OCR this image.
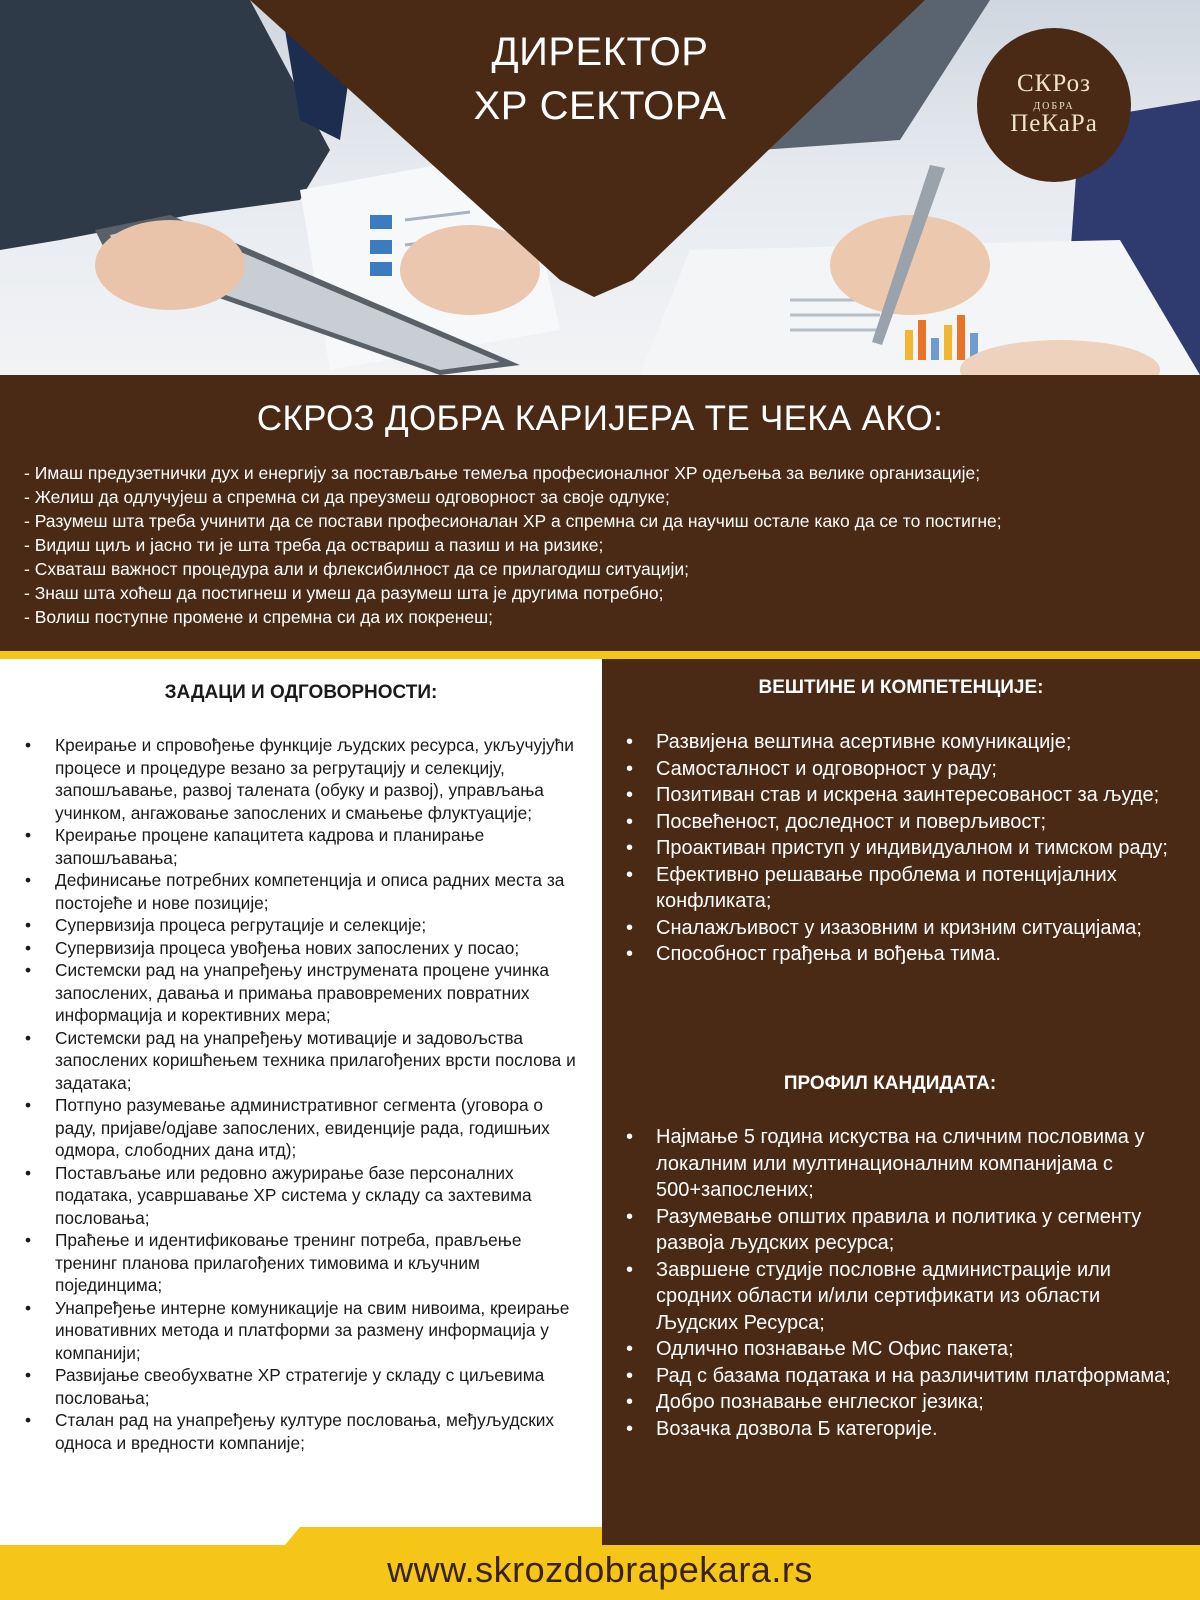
ДИРЕКТОР
ХР СЕКТОРА
СКРоз
ДОБРА
ПеКаРа
СКРОЗ ДОБРА КАРИЈЕРА ТЕ ЧЕКА АКО:
- Имаш предузетнички дух и енергију за постављање темеља професионалног ХР одељења за велике организације;
- Желиш да одлучујеш а спремна си да преузмеш одговорност за своје одлуке;
- Разумеш шта треба учинити да се постави професионалан ХР а спремна си да научиш остале како да се то постигне;
- Видиш циљ и јасно ти је шта треба да оствариш а пазиш и на ризике;
- Схваташ важност процедура али и флексибилност да се прилагодиш ситуацији;
- Знаш шта хоћеш да постигнеш и умеш да разумеш шта је другима потребно;
- Волиш поступне промене и спремна си да их покренеш;
ЗАДАЦИ И ОДГОВОРНОСТИ:
• Креирање и спровођење функције људских ресурса, укључујући процесе и процедуре везано за регрутацију и селекцију, запошљавање, развој талената (обуку и развој), управљања учинком, ангажовање запослених и смањење флуктуације;
• Креирање процене капацитета кадрова и планирање запошљавања;
• Дефинисање потребних компетенција и описа радних места за постојеће и нове позиције;
• Супервизија процеса регрутације и селекције;
• Супервизија процеса увођења нових запослених у посао;
• Системски рад на унапређењу инструмената процене учинка запослених, давања и примања правовремених повратних информација и корективних мера;
• Системски рад на унапређењу мотивације и задовољства запослених коришћењем техника прилагођених врсти послова и задатака;
• Потпуно разумевање административног сегмента (уговора о раду, пријаве/одјаве запослених, евиденције рада, годишњих одмора, слободних дана итд);
• Постављање или редовно ажурирање базе персоналних података, усавршавање ХР система у складу са захтевима пословања;
• Праћење и идентификовање тренинг потреба, прављење тренинг планова прилагођених тимовима и кључним појединцима;
• Унапређење интерне комуникације на свим нивоима, креирање иновативних метода и платформи за размену информација у компанији;
• Развијање свеобухватне ХР стратегије у складу с циљевима пословања;
• Сталан рад на унапређењу културе пословања, међуљудских односа и вредности компаније;
ВЕШТИНЕ И КОМПЕТЕНЦИЈЕ:
• Развијена вештина асертивне комуникације;
• Самосталност и одговорност у раду;
• Позитиван став и искрена заинтересованост за људе;
• Посвећеност, доследност и поверљивост;
• Проактиван приступ у индивидуалном и тимском раду;
• Ефективно решавање проблема и потенцијалних конфликата;
• Сналажљивост у изазовним и кризним ситуацијама;
• Способност грађења и вођења тима.
ПРОФИЛ КАНДИДАТА:
• Најмање 5 година искуства на сличним пословима у локалним или мултинационалним компанијама с 500+запослених;
• Разумевање општих правила и политика у сегменту развоја људских ресурса;
• Завршене студије пословне администрације или сродних области и/или сертификати из области Људских Ресурса;
• Одлично познавање МС Офис пакета;
• Рад с базама података и на различитим платформама;
• Добро познавање енглеског језика;
• Возачка дозвола Б категорије.
www.skrozdobrapekara.rs
